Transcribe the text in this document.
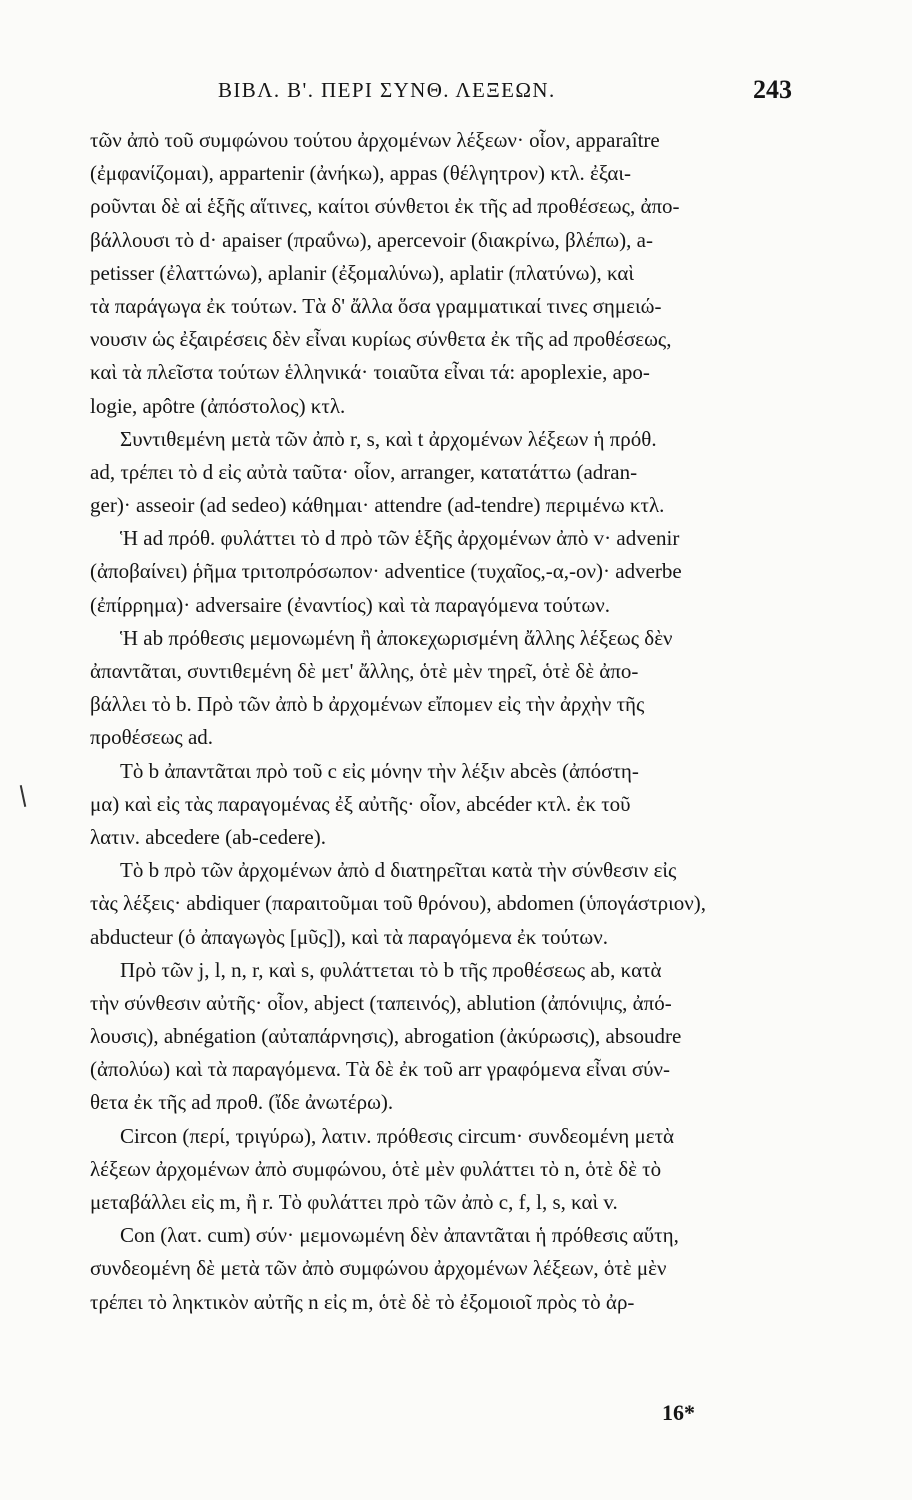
ΒΙΒΛ. Β'. ΠΕΡΙ ΣΥΝΘ. ΛΕΞΕΩΝ.	243
τῶν ἀπὸ τοῦ συμφώνου τούτου ἀρχομένων λέξεων· οἷον, apparaître
(ἐμφανίζομαι), appartenir (ἀνήκω), appas (θέλγητρον) κτλ. ἐξαι-
ροῦνται δὲ αἱ ἑξῆς αἵτινες, καίτοι σύνθετοι ἐκ τῆς ad προθέσεως, ἀπο-
βάλλουσι τὸ d· apaiser (πραΰνω), apercevoir (διακρίνω, βλέπω), a-
petisser (ἐλαττώνω), aplanir (ἐξομαλύνω), aplatir (πλατύνω), καὶ
τὰ παράγωγα ἐκ τούτων. Τὰ δ' ἄλλα ὅσα γραμματικαί τινες σημειώ-
νουσιν ὡς ἐξαιρέσεις δὲν εἶναι κυρίως σύνθετα ἐκ τῆς ad προθέσεως,
καὶ τὰ πλεῖστα τούτων ἑλληνικά· τοιαῦτα εἶναι τά: apoplexie, apo-
logie, apôtre (ἀπόστολος) κτλ.
Συντιθεμένη μετὰ τῶν ἀπὸ r, s, καὶ t ἀρχομένων λέξεων ἡ πρόθ.
ad, τρέπει τὸ d εἰς αὐτὰ ταῦτα· οἷον, arranger, κατατάττω (adran-
ger)· asseoir (ad sedeo) κάθημαι· attendre (ad-tendre) περιμένω κτλ.
Ἡ ad πρόθ. φυλάττει τὸ d πρὸ τῶν ἑξῆς ἀρχομένων ἀπὸ v· advenir
(ἀποβαίνει) ῥῆμα τριτοπρόσωπον· adventice (τυχαῖος,-α,-ον)· adverbe
(ἐπίρρημα)· adversaire (ἐναντίος) καὶ τὰ παραγόμενα τούτων.
Ἡ ab πρόθεσις μεμονωμένη ἢ ἀποκεχωρισμένη ἄλλης λέξεως δὲν
ἀπαντᾶται, συντιθεμένη δὲ μετ' ἄλλης, ὁτὲ μὲν τηρεῖ, ὁτὲ δὲ ἀπο-
βάλλει τὸ b. Πρὸ τῶν ἀπὸ b ἀρχομένων εἴπομεν εἰς τὴν ἀρχὴν τῆς
προθέσεως ad.
Τὸ b ἀπαντᾶται πρὸ τοῦ c εἰς μόνην τὴν λέξιν abcès (ἀπόστη-
μα) καὶ εἰς τὰς παραγομένας ἐξ αὐτῆς· οἷον, abcéder κτλ. ἐκ τοῦ
λατιν. abcedere (ab-cedere).
Τὸ b πρὸ τῶν ἀρχομένων ἀπὸ d διατηρεῖται κατὰ τὴν σύνθεσιν εἰς
τὰς λέξεις· abdiquer (παραιτοῦμαι τοῦ θρόνου), abdomen (ὑπογάστριον),
abducteur (ὁ ἀπαγωγὸς [μῦς]), καὶ τὰ παραγόμενα ἐκ τούτων.
Πρὸ τῶν j, l, n, r, καὶ s, φυλάττεται τὸ b τῆς προθέσεως ab, κατὰ
τὴν σύνθεσιν αὐτῆς· οἷον, abject (ταπεινός), ablution (ἀπόνιψις, ἀπό-
λουσις), abnégation (αὐταπάρνησις), abrogation (ἀκύρωσις), absoudre
(ἀπολύω) καὶ τὰ παραγόμενα. Τὰ δὲ ἐκ τοῦ arr γραφόμενα εἶναι σύν-
θετα ἐκ τῆς ad προθ. (ἴδε ἀνωτέρω).
Circon (περί, τριγύρω), λατιν. πρόθεσις circum· συνδεομένη μετὰ
λέξεων ἀρχομένων ἀπὸ συμφώνου, ὁτὲ μὲν φυλάττει τὸ n, ὁτὲ δὲ τὸ
μεταβάλλει εἰς m, ἢ r. Τὸ φυλάττει πρὸ τῶν ἀπὸ c, f, l, s, καὶ v.
Con (λατ. cum) σύν· μεμονωμένη δὲν ἀπαντᾶται ἡ πρόθεσις αὕτη,
συνδεομένη δὲ μετὰ τῶν ἀπὸ συμφώνου ἀρχομένων λέξεων, ὁτὲ μὲν
τρέπει τὸ ληκτικὸν αὐτῆς n εἰς m, ὁτὲ δὲ τὸ ἐξομοιοῖ πρὸς τὸ ἀρ-
16*
